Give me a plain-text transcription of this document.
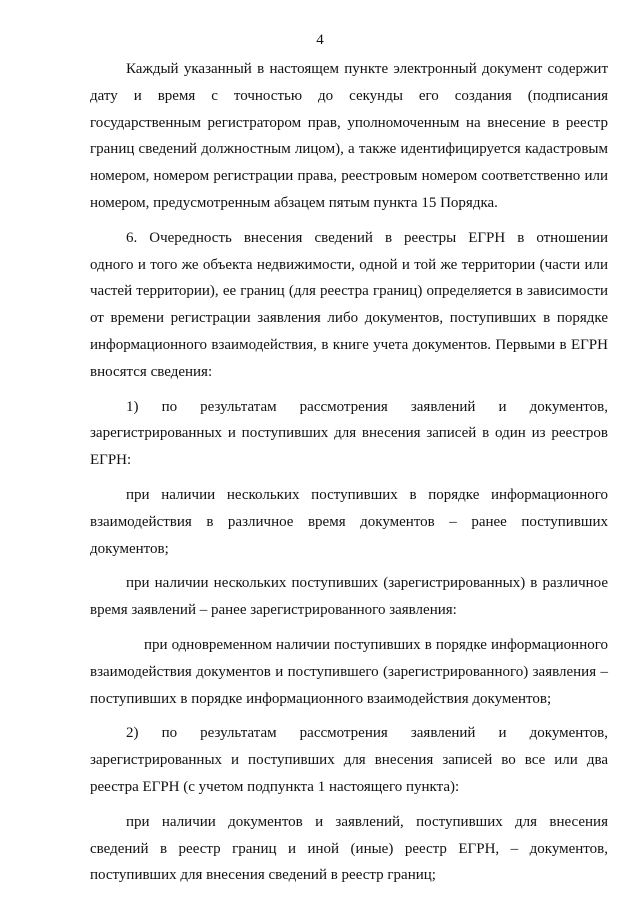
4
Каждый указанный в настоящем пункте электронный документ содержит
дату и время с точностью до секунды его создания (подписания
государственным регистратором прав, уполномоченным на внесение в реестр
границ сведений должностным лицом), а также идентифицируется кадастровым
номером, номером регистрации права, реестровым номером соответственно или
номером, предусмотренным абзацем пятым пункта 15 Порядка.
6. Очередность внесения сведений в реестры ЕГРН в отношении
одного и того же объекта недвижимости, одной и той же территории (части или
частей территории), ее границ (для реестра границ) определяется в зависимости
от времени регистрации заявления либо документов, поступивших в порядке
информационного взаимодействия, в книге учета документов. Первыми в ЕГРН
вносятся сведения:
1) по результатам рассмотрения заявлений и документов,
зарегистрированных и поступивших для внесения записей в один из реестров
ЕГРН:
при наличии нескольких поступивших в порядке информационного
взаимодействия в различное время документов – ранее поступивших
документов;
при наличии нескольких поступивших (зарегистрированных) в различное
время заявлений – ранее зарегистрированного заявления:
при одновременном наличии поступивших в порядке информационного
взаимодействия документов и поступившего (зарегистрированного) заявления –
поступивших в порядке информационного взаимодействия документов;
2) по результатам рассмотрения заявлений и документов,
зарегистрированных и поступивших для внесения записей во все или два
реестра ЕГРН (с учетом подпункта 1 настоящего пункта):
при наличии документов и заявлений, поступивших для внесения
сведений в реестр границ и иной (иные) реестр ЕГРН, – документов,
поступивших для внесения сведений в реестр границ;
